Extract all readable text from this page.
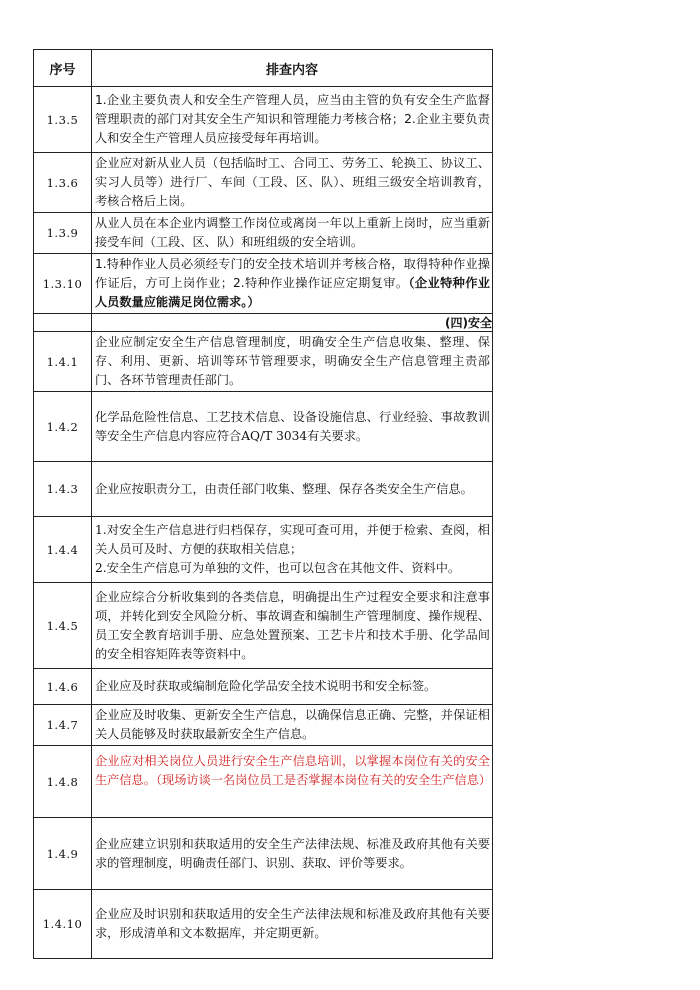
序号	排查内容
1.3.5	1.企业主要负责人和安全生产管理人员，应当由主管的负有安全生产监督管理职责的部门对其安全生产知识和管理能力考核合格；2.企业主要负责人和安全生产管理人员应接受每年再培训。
1.3.6	企业应对新从业人员（包括临时工、合同工、劳务工、轮换工、协议工、实习人员等）进行厂、车间（工段、区、队）、班组三级安全培训教育，考核合格后上岗。
1.3.9	从业人员在本企业内调整工作岗位或离岗一年以上重新上岗时，应当重新接受车间（工段、区、队）和班组级的安全培训。
1.3.10	1.特种作业人员必须经专门的安全技术培训并考核合格，取得特种作业操作证后，方可上岗作业；2.特种作业操作证应定期复审。（企业特种作业人员数量应能满足岗位需求。）
	(四)安全
1.4.1	企业应制定安全生产信息管理制度，明确安全生产信息收集、整理、保存、利用、更新、培训等环节管理要求，明确安全生产信息管理主责部门、各环节管理责任部门。
1.4.2	化学品危险性信息、工艺技术信息、设备设施信息、行业经验、事故教训等安全生产信息内容应符合AQ/T 3034有关要求。
1.4.3	企业应按职责分工，由责任部门收集、整理、保存各类安全生产信息。
1.4.4	1.对安全生产信息进行归档保存，实现可查可用，并便于检索、查阅，相关人员可及时、方便的获取相关信息；
2.安全生产信息可为单独的文件，也可以包含在其他文件、资料中。

1.4.5	企业应综合分析收集到的各类信息，明确提出生产过程安全要求和注意事项，并转化到安全风险分析、事故调查和编制生产管理制度、操作规程、员工安全教育培训手册、应急处置预案、工艺卡片和技术手册、化学品间的安全相容矩阵表等资料中。
1.4.6	企业应及时获取或编制危险化学品安全技术说明书和安全标签。
1.4.7	企业应及时收集、更新安全生产信息，以确保信息正确、完整，并保证相关人员能够及时获取最新安全生产信息。
1.4.8	企业应对相关岗位人员进行安全生产信息培训，以掌握本岗位有关的安全生产信息。（现场访谈一名岗位员工是否掌握本岗位有关的安全生产信息）
1.4.9	企业应建立识别和获取适用的安全生产法律法规、标准及政府其他有关要求的管理制度，明确责任部门、识别、获取、评价等要求。
1.4.10	企业应及时识别和获取适用的安全生产法律法规和标准及政府其他有关要求，形成清单和文本数据库，并定期更新。
